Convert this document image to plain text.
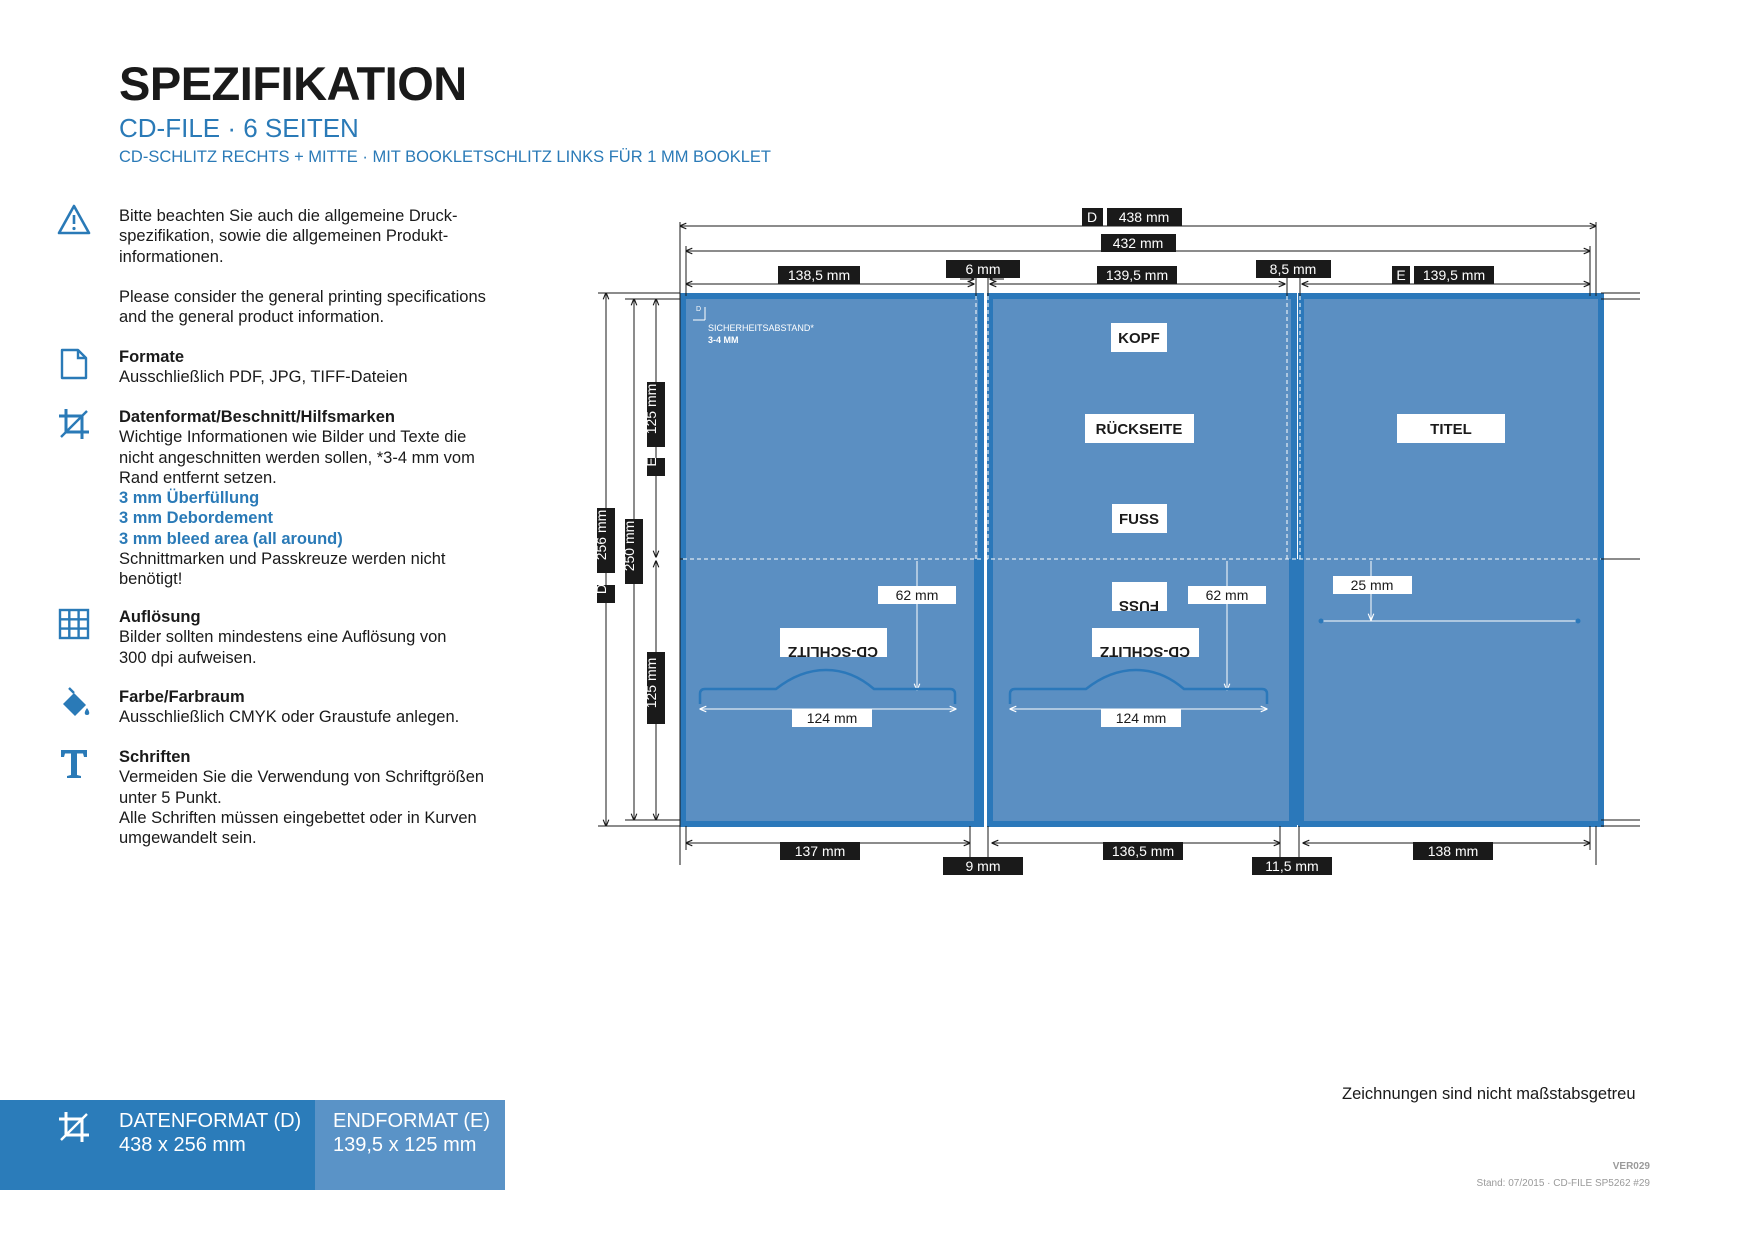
SPEZIFIKATION
CD-FILE · 6 SEITEN
CD-SCHLITZ RECHTS + MITTE · MIT BOOKLETSCHLITZ LINKS FÜR 1 MM BOOKLET

Bitte beachten Sie auch die allgemeine Druck-

spezifikation, sowie die allgemeinen Produkt-

informationen.

Please consider the general printing specifications

and the general product information.

Formate

Ausschließlich PDF, JPG, TIFF-Dateien

Datenformat/Beschnitt/Hilfsmarken

Wichtige Informationen wie Bilder und Texte die

nicht angeschnitten werden sollen, *3-4 mm vom

Rand entfernt setzen.

3 mm Überfüllung

3 mm Debordement

3 mm bleed area (all around)

Schnittmarken und Passkreuze werden nicht

benötigt!

Auflösung

Bilder sollten mindestens eine Auflösung von

300 dpi aufweisen.

Farbe/Farbraum

Ausschließlich CMYK oder Graustufe anlegen.

Schriften

Vermeiden Sie die Verwendung von Schriftgrößen

unter 5 Punkt.

Alle Schriften müssen eingebettet oder in Kurven

umgewandelt sein.

D
SICHERHEITSABSTAND*
3-4 MM
D 438 mm
432 mm
138,5 mm	6 mm	139,5 mm	8,5 mm	E 139,5 mm
256 mm
D
250 mm
125 mm
E
125 mm
KOPF
RÜCKSEITE	TITEL
FUSS
FUSS
CD-SCHLITZ	CD-SCHLITZ
62 mm	62 mm
25 mm
124 mm	124 mm
137 mm
9 mm
136,5 mm
11,5 mm
138 mm
DATENFORMAT (D)
438 x 256 mm
ENDFORMAT (E)
139,5 x 125 mm
Zeichnungen sind nicht maßstabsgetreu
VER029
Stand: 07/2015 · CD-FILE SP5262 #29
